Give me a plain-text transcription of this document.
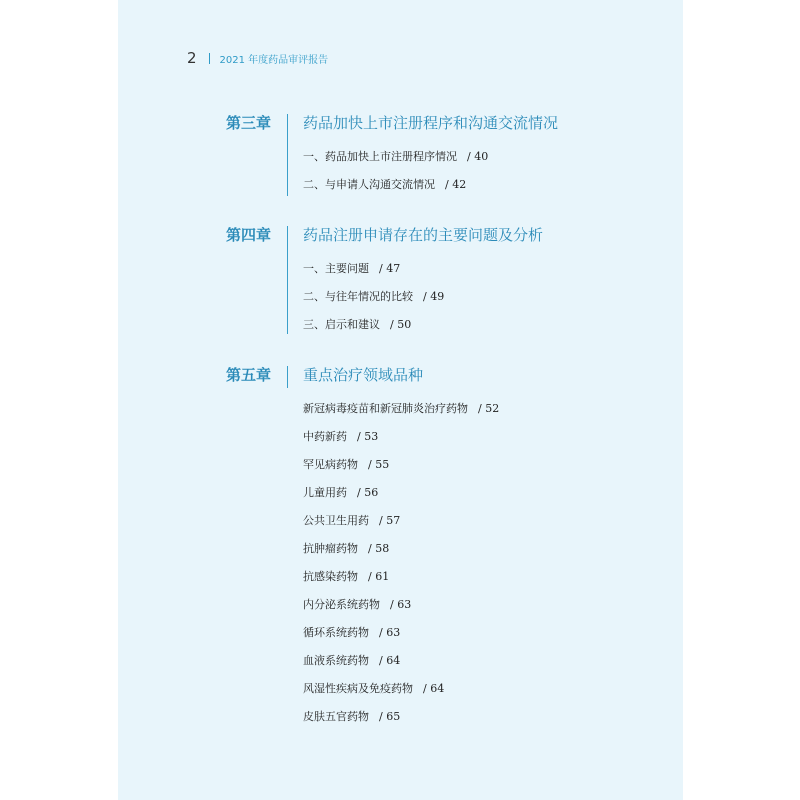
2 2021 年度药品审评报告
第三章 药品加快上市注册程序和沟通交流情况
一、药品加快上市注册程序情况 / 40
二、与申请人沟通交流情况 / 42
第四章 药品注册申请存在的主要问题及分析
一、主要问题 / 47
二、与往年情况的比较 / 49
三、启示和建议 / 50
第五章 重点治疗领域品种
新冠病毒疫苗和新冠肺炎治疗药物 / 52
中药新药 / 53
罕见病药物 / 55
儿童用药 / 56
公共卫生用药 / 57
抗肿瘤药物 / 58
抗感染药物 / 61
内分泌系统药物 / 63
循环系统药物 / 63
血液系统药物 / 64
风湿性疾病及免疫药物 / 64
皮肤五官药物 / 65
